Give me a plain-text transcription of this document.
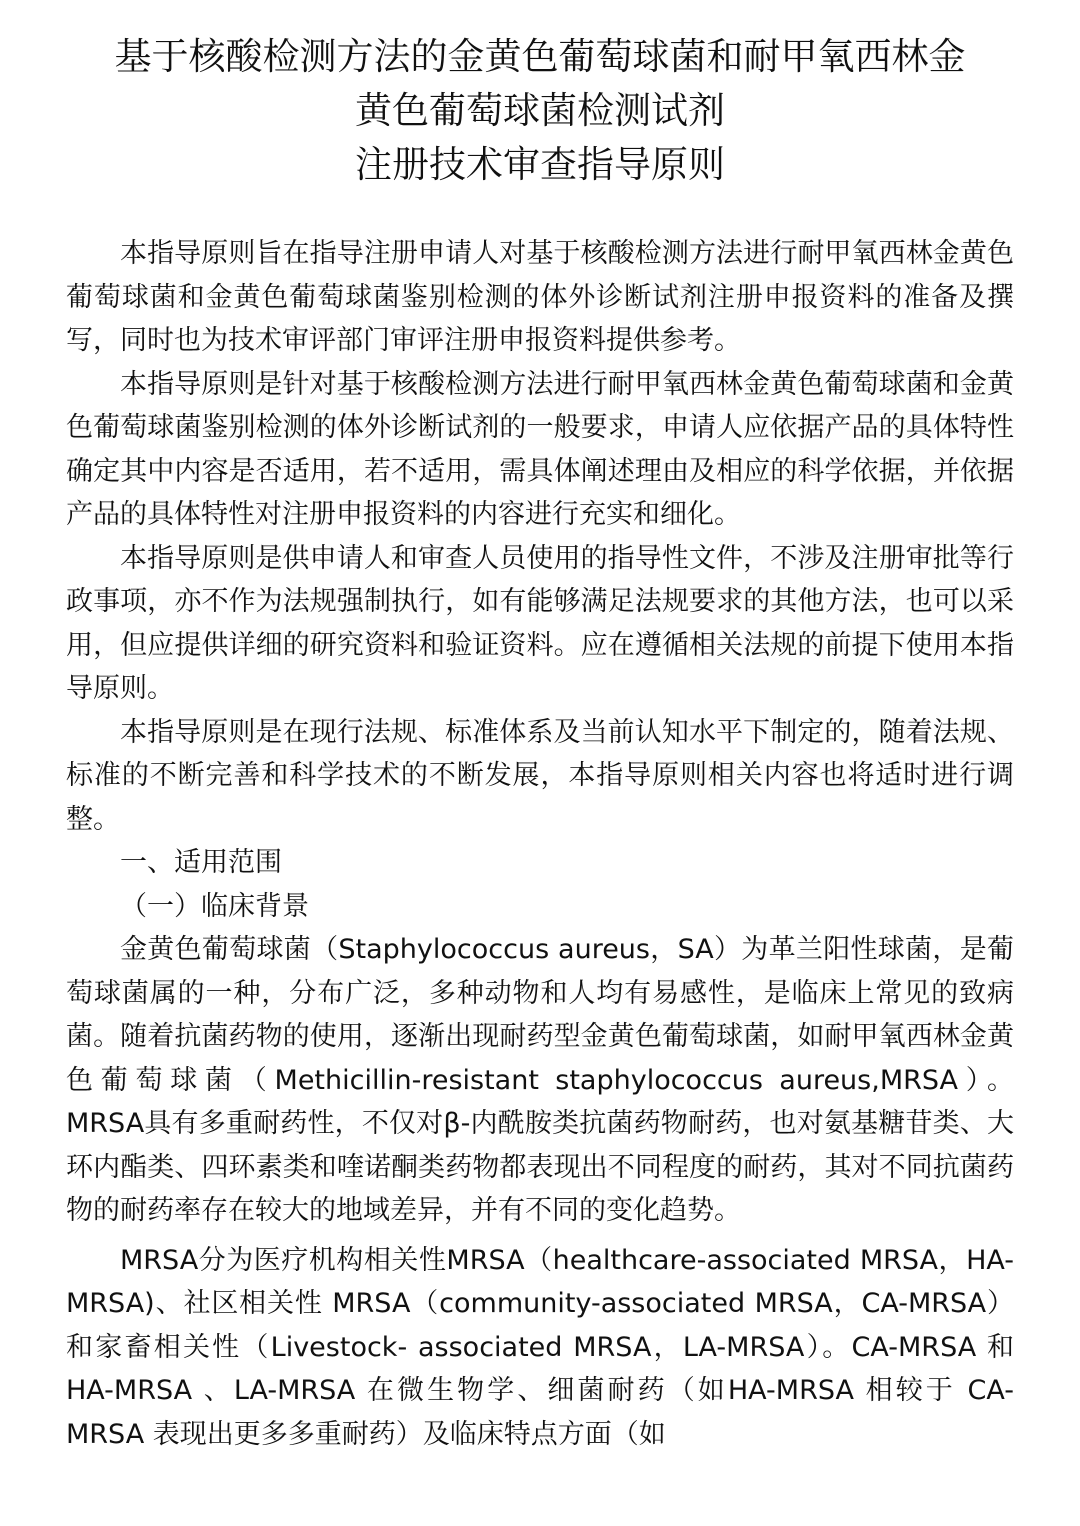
基于核酸检测方法的金黄色葡萄球菌和耐甲氧西林金
黄色葡萄球菌检测试剂
注册技术审查指导原则

本指导原则旨在指导注册申请人对基于核酸检测方法进行耐甲氧西林金黄色葡萄球菌和金黄色葡萄球菌鉴别检测的体外诊断试剂注册申报资料的准备及撰写，同时也为技术审评部门审评注册申报资料提供参考。

本指导原则是针对基于核酸检测方法进行耐甲氧西林金黄色葡萄球菌和金黄色葡萄球菌鉴别检测的体外诊断试剂的一般要求，申请人应依据产品的具体特性确定其中内容是否适用，若不适用，需具体阐述理由及相应的科学依据，并依据产品的具体特性对注册申报资料的内容进行充实和细化。

本指导原则是供申请人和审查人员使用的指导性文件，不涉及注册审批等行政事项，亦不作为法规强制执行，如有能够满足法规要求的其他方法，也可以采用，但应提供详细的研究资料和验证资料。应在遵循相关法规的前提下使用本指导原则。

本指导原则是在现行法规、标准体系及当前认知水平下制定的，随着法规、标准的不断完善和科学技术的不断发展，本指导原则相关内容也将适时进行调整。

一、适用范围

（一）临床背景

金黄色葡萄球菌（Staphylococcus aureus，SA）为革兰阳性球菌，是葡萄球菌属的一种，分布广泛，多种动物和人均有易感性，是临床上常见的致病菌。随着抗菌药物的使用，逐渐出现耐药型金黄色葡萄球菌，如耐甲氧西林金黄色葡萄球菌（Methicillin-resistant staphylococcus aureus,MRSA）。MRSA具有多重耐药性，不仅对β-内酰胺类抗菌药物耐药，也对氨基糖苷类、大环内酯类、四环素类和喹诺酮类药物都表现出不同程度的耐药，其对不同抗菌药物的耐药率存在较大的地域差异，并有不同的变化趋势。

MRSA分为医疗机构相关性MRSA（healthcare-associated MRSA，HA-MRSA)、社区相关性 MRSA（community-associated MRSA，CA-MRSA）和家畜相关性（Livestock- associated MRSA，LA-MRSA）。CA-MRSA 和 HA-MRSA 、LA-MRSA 在微生物学、细菌耐药（如HA-MRSA 相较于 CA-MRSA 表现出更多多重耐药）及临床特点方面（如
